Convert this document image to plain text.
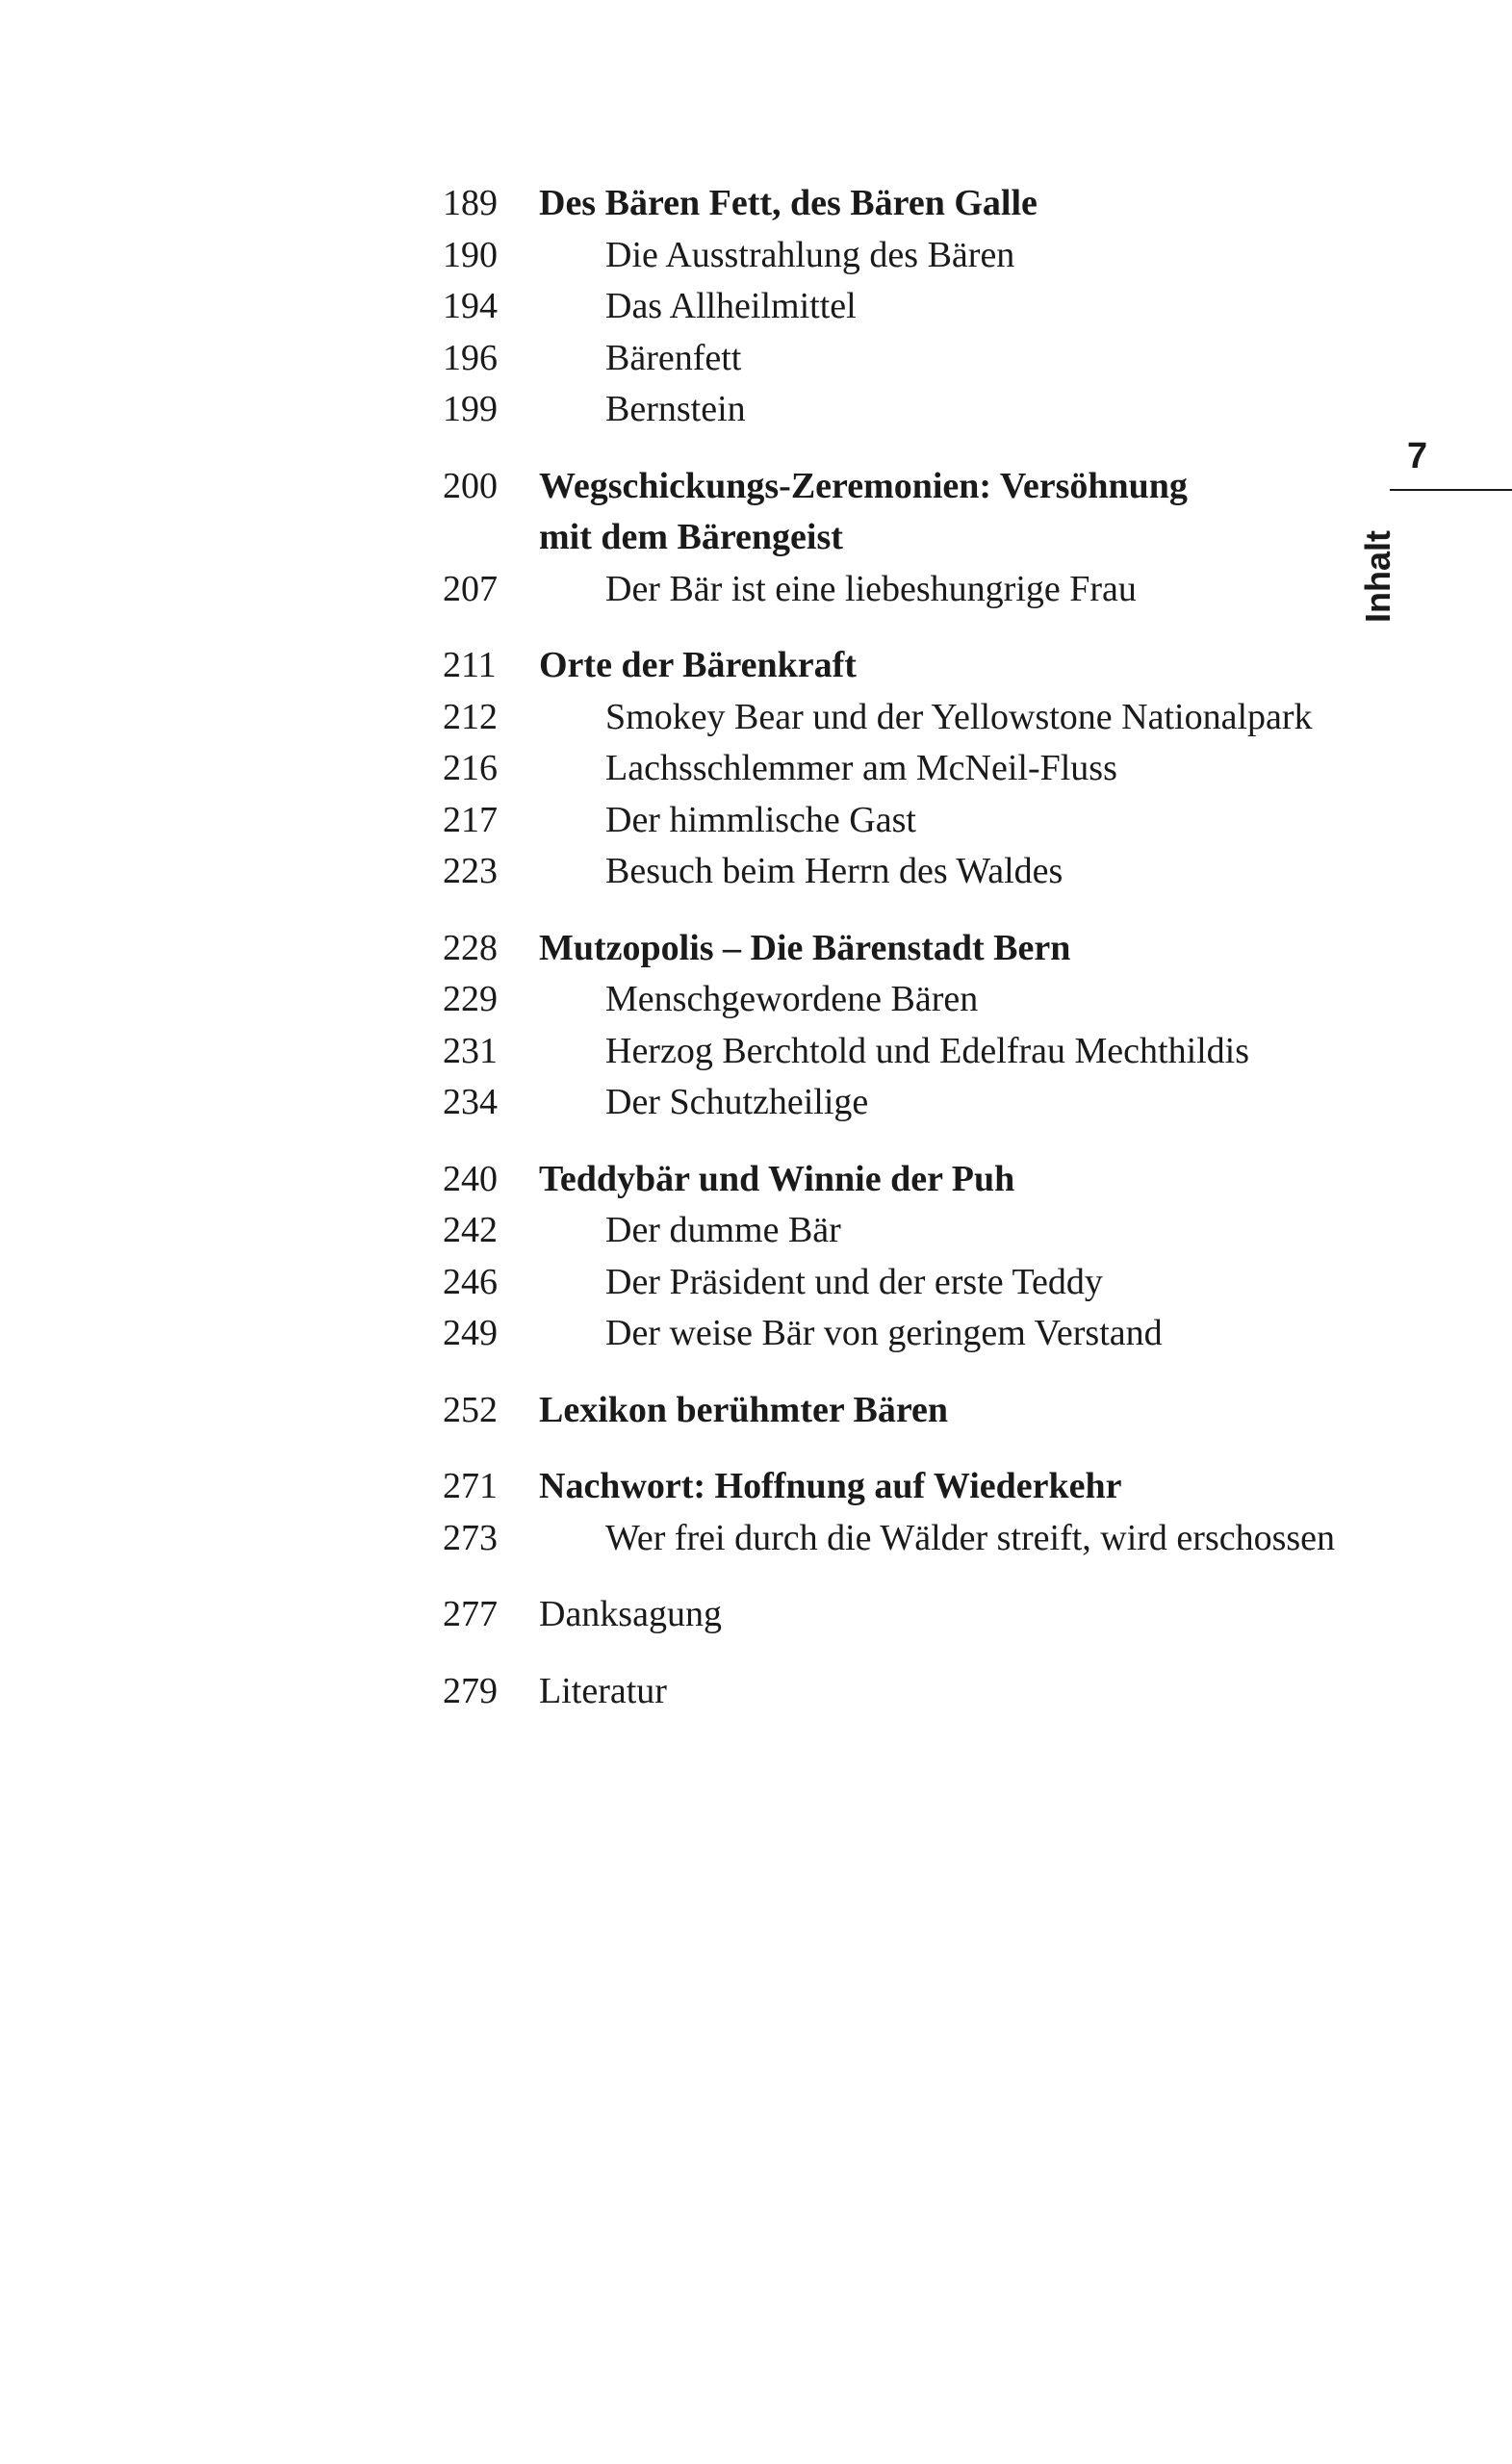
189	Des Bären Fett, des Bären Galle
190	Die Ausstrahlung des Bären
194	Das Allheilmittel
196	Bärenfett
199	Bernstein
200	Wegschickungs-Zeremonien: Versöhnung
mit dem Bärengeist
207	Der Bär ist eine liebeshungrige Frau
211	Orte der Bärenkraft
212	Smokey Bear und der Yellowstone Nationalpark
216	Lachsschlemmer am McNeil-Fluss
217	Der himmlische Gast
223	Besuch beim Herrn des Waldes
228	Mutzopolis – Die Bärenstadt Bern
229	Menschgewordene Bären
231	Herzog Berchtold und Edelfrau Mechthildis
234	Der Schutzheilige
240	Teddybär und Winnie der Puh
242	Der dumme Bär
246	Der Präsident und der erste Teddy
249	Der weise Bär von geringem Verstand
252	Lexikon berühmter Bären
271	Nachwort: Hoffnung auf Wiederkehr
273	Wer frei durch die Wälder streift, wird erschossen
277	Danksagung
279	Literatur
7
Inhalt
